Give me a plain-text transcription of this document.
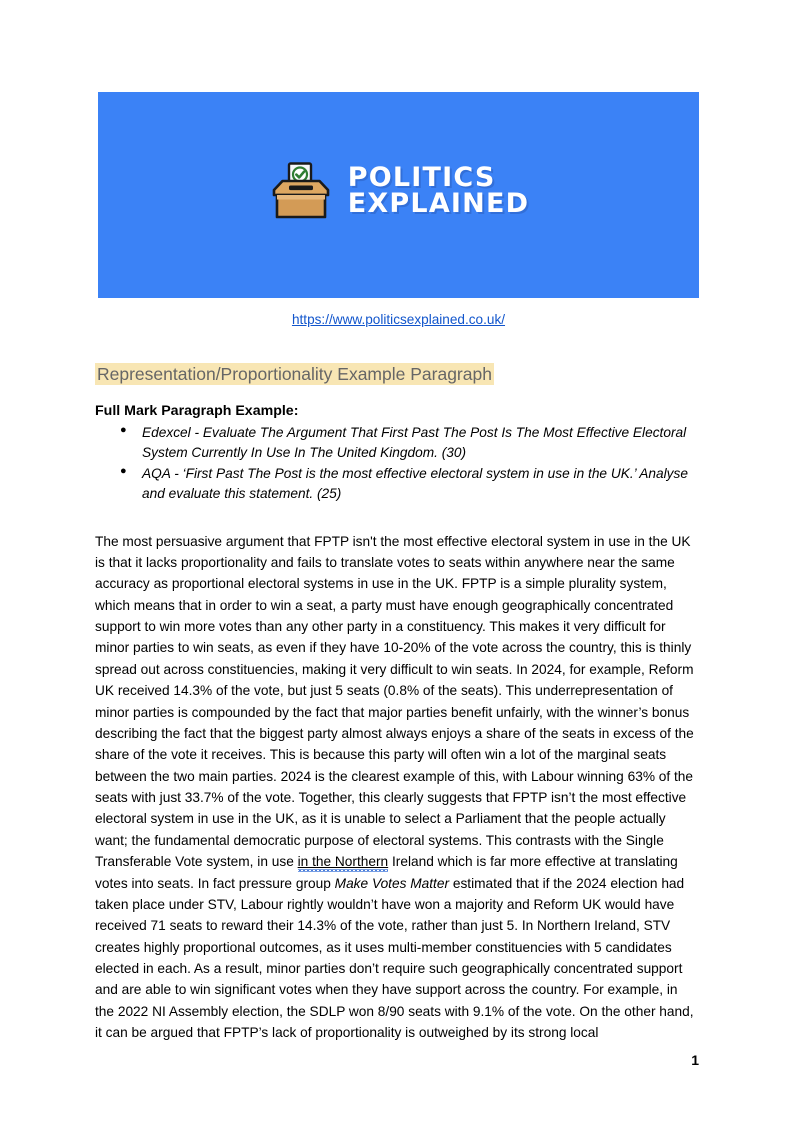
POLITICS
EXPLAINED
https://www.politicsexplained.co.uk/
Representation/Proportionality Example Paragraph

Full Mark Paragraph Example:

● Edexcel - Evaluate The Argument That First Past The Post Is The Most Effective Electoral System Currently In Use In The United Kingdom. (30)
● AQA - ‘First Past The Post is the most effective electoral system in use in the UK.’ Analyse and evaluate this statement. (25)

The most persuasive argument that FPTP isn't the most effective electoral system in use in the UK is that it lacks proportionality and fails to translate votes to seats within anywhere near the same accuracy as proportional electoral systems in use in the UK. FPTP is a simple plurality system, which means that in order to win a seat, a party must have enough geographically concentrated support to win more votes than any other party in a constituency. This makes it very difficult for minor parties to win seats, as even if they have 10-20% of the vote across the country, this is thinly spread out across constituencies, making it very difficult to win seats. In 2024, for example, Reform UK received 14.3% of the vote, but just 5 seats (0.8% of the seats). This underrepresentation of minor parties is compounded by the fact that major parties benefit unfairly, with the winner’s bonus describing the fact that the biggest party almost always enjoys a share of the seats in excess of the share of the vote it receives. This is because this party will often win a lot of the marginal seats between the two main parties. 2024 is the clearest example of this, with Labour winning 63% of the seats with just 33.7% of the vote. Together, this clearly suggests that FPTP isn’t the most effective electoral system in use in the UK, as it is unable to select a Parliament that the people actually want; the fundamental democratic purpose of electoral systems. This contrasts with the Single Transferable Vote system, in use in the Northern Ireland which is far more effective at translating votes into seats. In fact pressure group Make Votes Matter estimated that if the 2024 election had taken place under STV, Labour rightly wouldn’t have won a majority and Reform UK would have received 71 seats to reward their 14.3% of the vote, rather than just 5. In Northern Ireland, STV creates highly proportional outcomes, as it uses multi-member constituencies with 5 candidates elected in each. As a result, minor parties don’t require such geographically concentrated support and are able to win significant votes when they have support across the country. For example, in the 2022 NI Assembly election, the SDLP won 8/90 seats with 9.1% of the vote. On the other hand, it can be argued that FPTP’s lack of proportionality is outweighed by its strong local

1
